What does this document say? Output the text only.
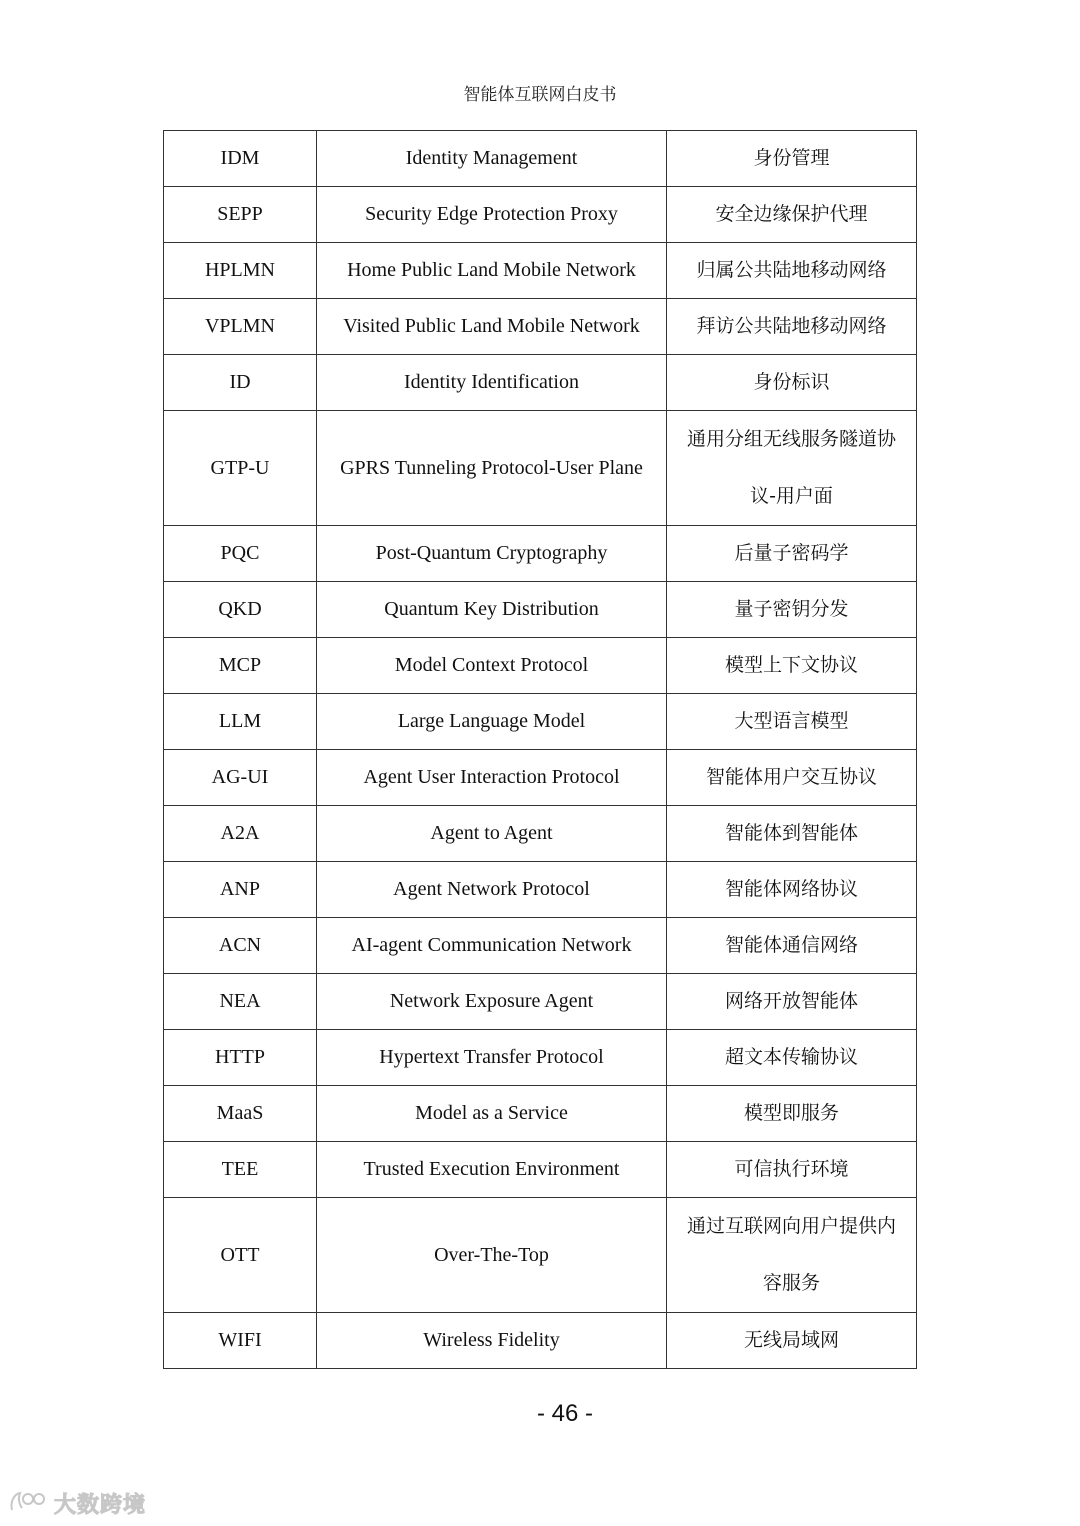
智能体互联网白皮书
IDM	Identity Management	身份管理
SEPP	Security Edge Protection Proxy	安全边缘保护代理
HPLMN	Home Public Land Mobile Network	归属公共陆地移动网络
VPLMN	Visited Public Land Mobile Network	拜访公共陆地移动网络
ID	Identity Identification	身份标识
GTP-U	GPRS Tunneling Protocol-User Plane	通用分组无线服务隧道协议-用户面

PQC	Post-Quantum Cryptography	后量子密码学
QKD	Quantum Key Distribution	量子密钥分发
MCP	Model Context Protocol	模型上下文协议
LLM	Large Language Model	大型语言模型
AG-UI	Agent User Interaction Protocol	智能体用户交互协议
A2A	Agent to Agent	智能体到智能体
ANP	Agent Network Protocol	智能体网络协议
ACN	AI-agent Communication Network	智能体通信网络
NEA	Network Exposure Agent	网络开放智能体
HTTP	Hypertext Transfer Protocol	超文本传输协议
MaaS	Model as a Service	模型即服务
TEE	Trusted Execution Environment	可信执行环境
OTT	Over-The-Top	通过互联网向用户提供内容服务

WIFI	Wireless Fidelity	无线局域网
- 46 -
大数跨境
